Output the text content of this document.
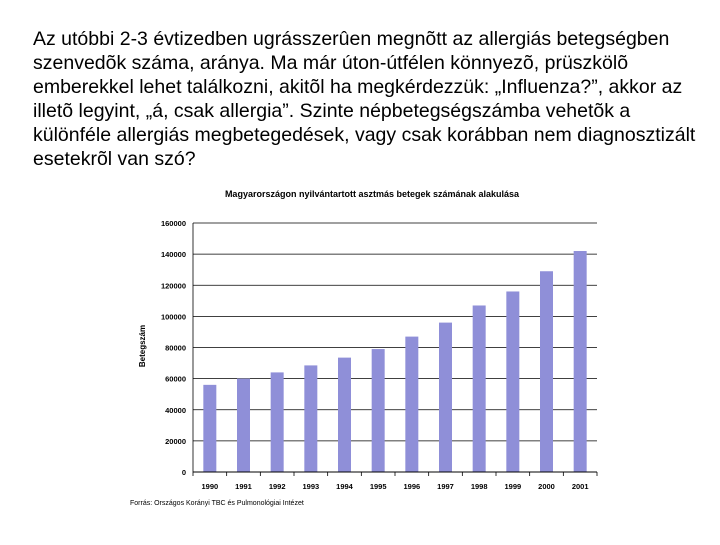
Az utóbbi 2-3 évtizedben ugrásszerûen megnõtt az allergiás betegségben szenvedõk száma, aránya. Ma már úton-útfélen könnyezõ, prüszkölõ emberekkel lehet találkozni, akitõl ha megkérdezzük: „Influenza?”, akkor az illetõ legyint, „á, csak allergia”. Szinte népbetegségszámba vehetõk a különféle allergiás megbetegedések, vagy csak korábban nem diagnosztizált esetekrõl van szó?

Magyarországon nyilvántartott asztmás betegek számának alakulása
Betegszám
0
20000
40000
60000
80000
100000
120000
140000
160000
1990 1991 1992 1993 1994 1995 1996 1997 1998 1999 2000 2001
Forrás: Országos Korányi TBC és Pulmonológiai Intézet
